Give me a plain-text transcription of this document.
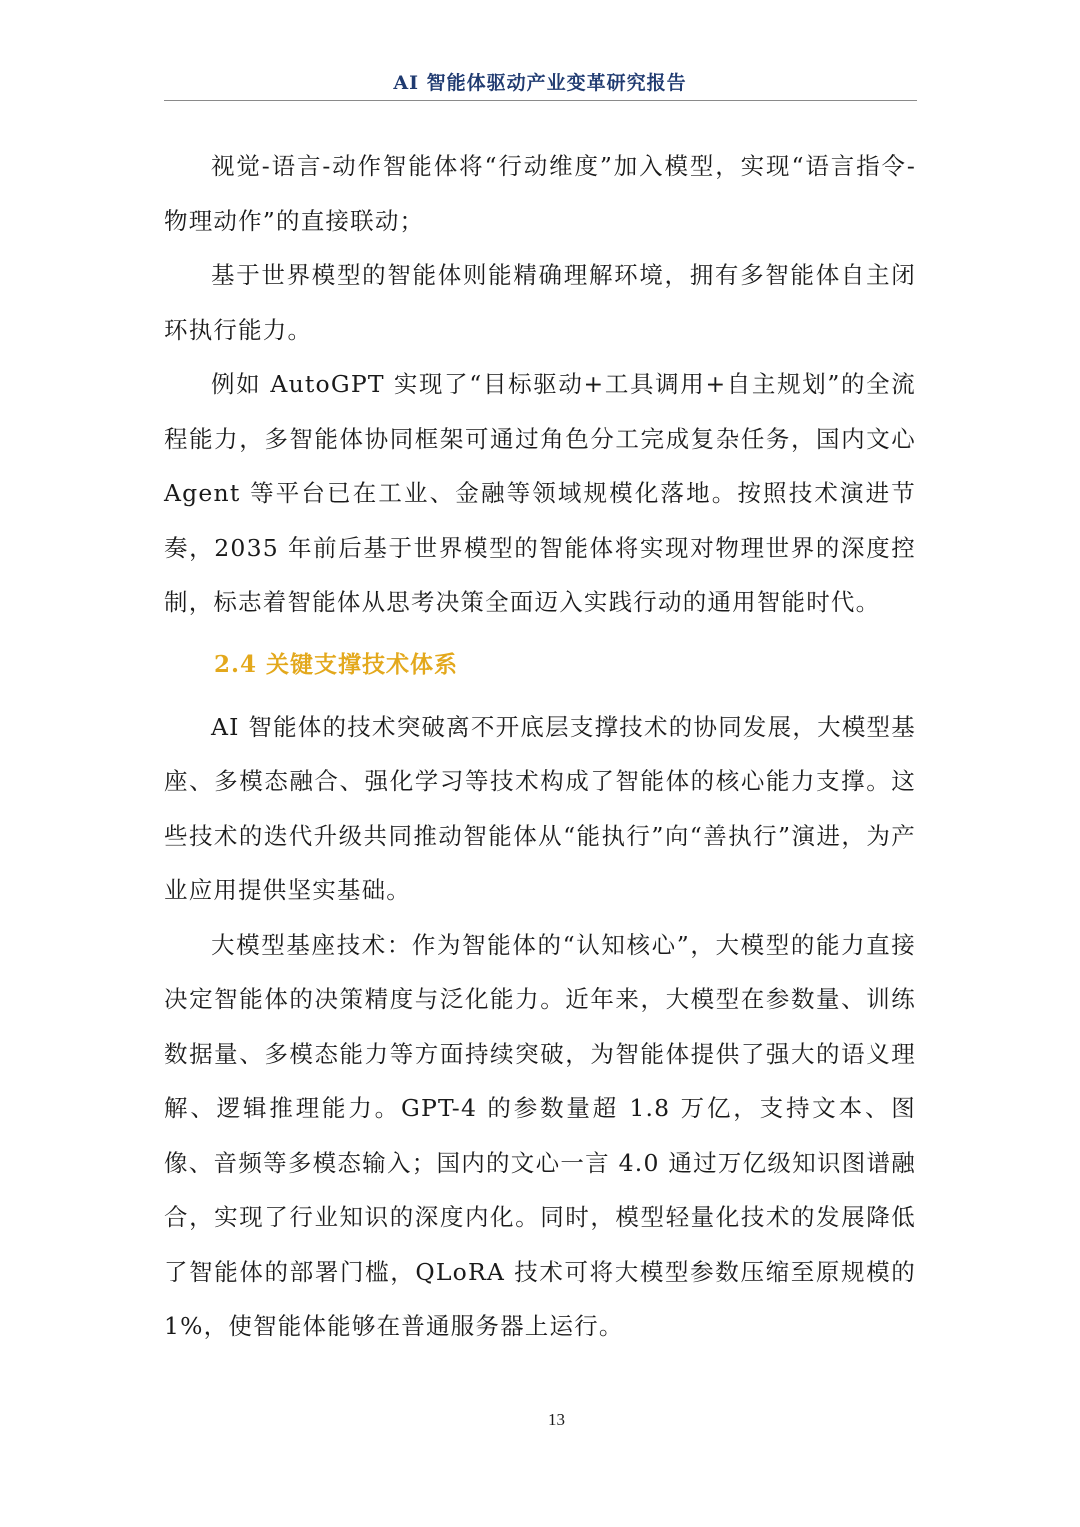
AI 智能体驱动产业变革研究报告

视觉-语言-动作智能体将“行动维度”加入模型，实现“语言指令-物理动作”的直接联动；

基于世界模型的智能体则能精确理解环境，拥有多智能体自主闭环执行能力。

例如 AutoGPT 实现了“目标驱动+工具调用+自主规划”的全流程能力，多智能体协同框架可通过角色分工完成复杂任务，国内文心 Agent 等平台已在工业、金融等领域规模化落地。按照技术演进节奏，2035 年前后基于世界模型的智能体将实现对物理世界的深度控制，标志着智能体从思考决策全面迈入实践行动的通用智能时代。

2.4 关键支撑技术体系

AI 智能体的技术突破离不开底层支撑技术的协同发展，大模型基座、多模态融合、强化学习等技术构成了智能体的核心能力支撑。这些技术的迭代升级共同推动智能体从“能执行”向“善执行”演进，为产业应用提供坚实基础。

大模型基座技术：作为智能体的“认知核心”，大模型的能力直接决定智能体的决策精度与泛化能力。近年来，大模型在参数量、训练数据量、多模态能力等方面持续突破，为智能体提供了强大的语义理解、逻辑推理能力。GPT-4 的参数量超 1.8 万亿，支持文本、图像、音频等多模态输入；国内的文心一言 4.0 通过万亿级知识图谱融合，实现了行业知识的深度内化。同时，模型轻量化技术的发展降低了智能体的部署门槛，QLoRA 技术可将大模型参数压缩至原规模的 1%，使智能体能够在普通服务器上运行。

13
